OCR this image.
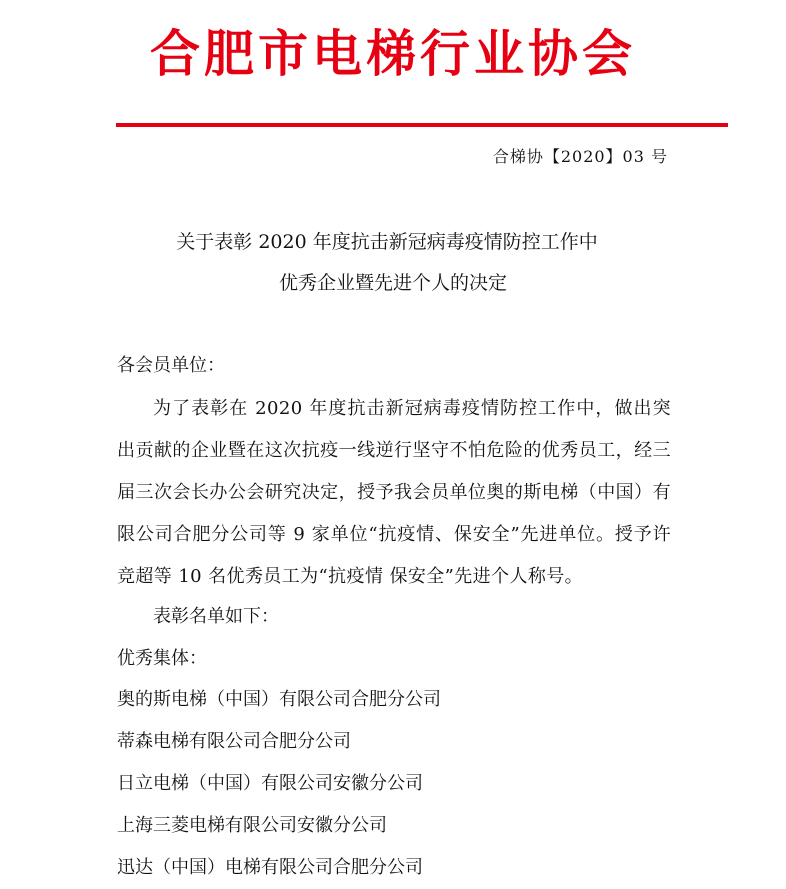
合肥市电梯行业协会
合梯协【2020】03 号
关于表彰 2020 年度抗击新冠病毒疫情防控工作中
优秀企业暨先进个人的决定
各会员单位：
为了表彰在 2020 年度抗击新冠病毒疫情防控工作中，做出突出贡献的企业暨在这次抗疫一线逆行坚守不怕危险的优秀员工，经三届三次会长办公会研究决定，授予我会员单位奥的斯电梯（中国）有限公司合肥分公司等 9 家单位“抗疫情、保安全”先进单位。授予许竞超等 10 名优秀员工为“抗疫情 保安全”先进个人称号。
表彰名单如下：
优秀集体：
奥的斯电梯（中国）有限公司合肥分公司
蒂森电梯有限公司合肥分公司
日立电梯（中国）有限公司安徽分公司
上海三菱电梯有限公司安徽分公司
迅达（中国）电梯有限公司合肥分公司
